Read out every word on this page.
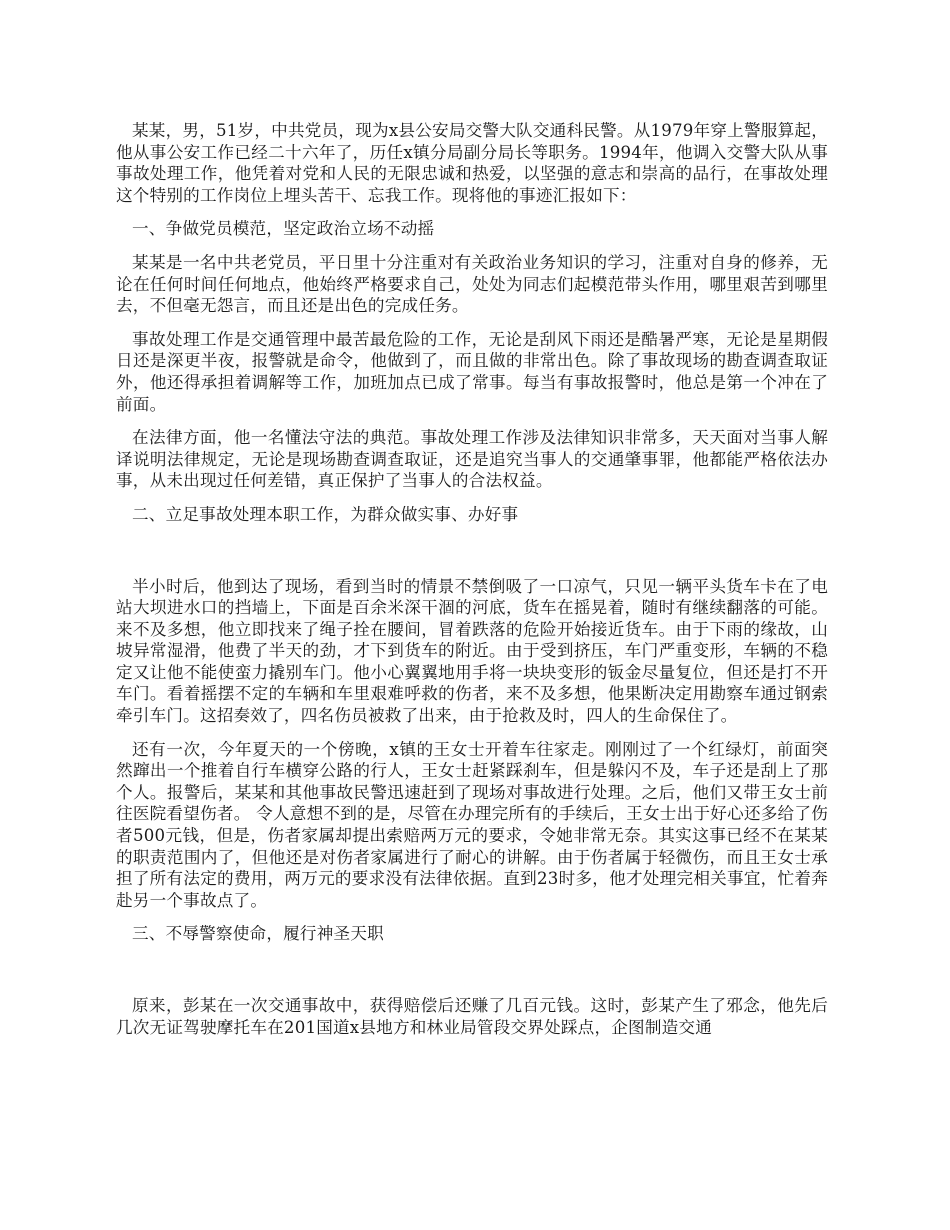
某某，男，51岁，中共党员，现为x县公安局交警大队交通科民警。从1979年穿上警服算起，他从事公安工作已经二十六年了，历任x镇分局副分局长等职务。1994年，他调入交警大队从事事故处理工作，他凭着对党和人民的无限忠诚和热爱，以坚强的意志和崇高的品行，在事故处理这个特别的工作岗位上埋头苦干、忘我工作。现将他的事迹汇报如下：

一、争做党员模范，坚定政治立场不动摇

某某是一名中共老党员，平日里十分注重对有关政治业务知识的学习，注重对自身的修养，无论在任何时间任何地点，他始终严格要求自己，处处为同志们起模范带头作用，哪里艰苦到哪里去，不但毫无怨言，而且还是出色的完成任务。

事故处理工作是交通管理中最苦最危险的工作，无论是刮风下雨还是酷暑严寒，无论是星期假日还是深更半夜，报警就是命令，他做到了，而且做的非常出色。除了事故现场的勘查调查取证外，他还得承担着调解等工作，加班加点已成了常事。每当有事故报警时，他总是第一个冲在了前面。

在法律方面，他一名懂法守法的典范。事故处理工作涉及法律知识非常多，天天面对当事人解译说明法律规定，无论是现场勘查调查取证，还是追究当事人的交通肇事罪，他都能严格依法办事，从未出现过任何差错，真正保护了当事人的合法权益。

二、立足事故处理本职工作，为群众做实事、办好事

半小时后，他到达了现场，看到当时的情景不禁倒吸了一口凉气，只见一辆平头货车卡在了电站大坝进水口的挡墙上，下面是百余米深干涸的河底，货车在摇晃着，随时有继续翻落的可能。来不及多想，他立即找来了绳子拴在腰间，冒着跌落的危险开始接近货车。由于下雨的缘故，山坡异常湿滑，他费了半天的劲，才下到货车的附近。由于受到挤压，车门严重变形，车辆的不稳定又让他不能使蛮力撬别车门。他小心翼翼地用手将一块块变形的钣金尽量复位，但还是打不开车门。看着摇摆不定的车辆和车里艰难呼救的伤者，来不及多想，他果断决定用勘察车通过钢索牵引车门。这招奏效了，四名伤员被救了出来，由于抢救及时，四人的生命保住了。

还有一次，今年夏天的一个傍晚，x镇的王女士开着车往家走。刚刚过了一个红绿灯，前面突然蹿出一个推着自行车横穿公路的行人，王女士赶紧踩刹车，但是躲闪不及，车子还是刮上了那个人。报警后，某某和其他事故民警迅速赶到了现场对事故进行处理。之后，他们又带王女士前往医院看望伤者。 令人意想不到的是，尽管在办理完所有的手续后，王女士出于好心还多给了伤者500元钱，但是，伤者家属却提出索赔两万元的要求，令她非常无奈。其实这事已经不在某某的职责范围内了，但他还是对伤者家属进行了耐心的讲解。由于伤者属于轻微伤，而且王女士承担了所有法定的费用，两万元的要求没有法律依据。直到23时多，他才处理完相关事宜，忙着奔赴另一个事故点了。

三、不辱警察使命，履行神圣天职

原来，彭某在一次交通事故中，获得赔偿后还赚了几百元钱。这时，彭某产生了邪念，他先后几次无证驾驶摩托车在201国道x县地方和林业局管段交界处踩点，企图制造交通
